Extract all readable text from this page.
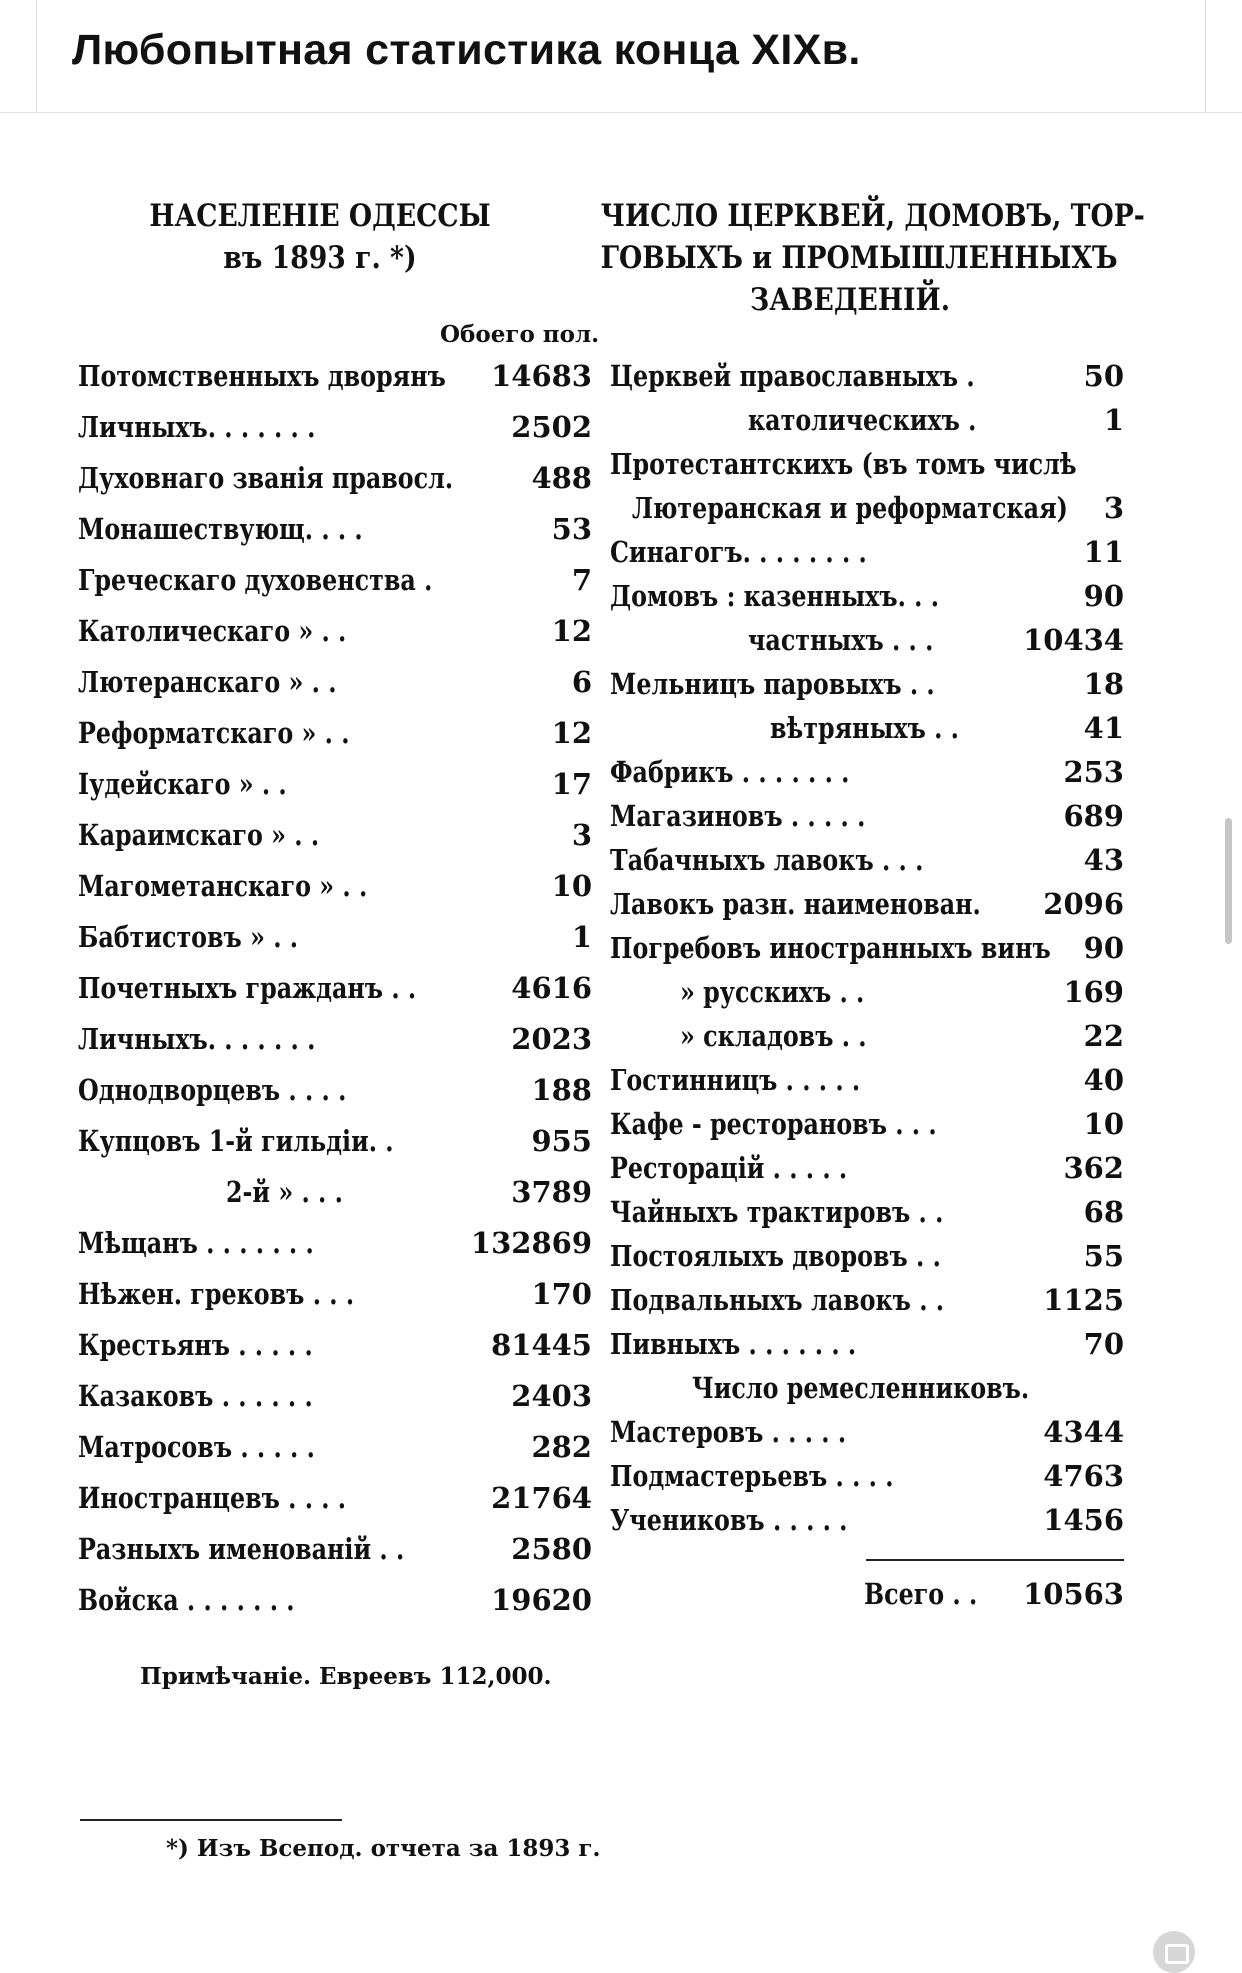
Любопытная статистика конца XIXв.
НАСЕЛЕНІЕ ОДЕССЫ
въ 1893 г. *)
Обоего пол.
ЧИСЛО ЦЕРКВЕЙ, ДОМОВЪ, ТОР-
ГОВЫХЪ и ПРОМЫШЛЕННЫХЪ
ЗАВЕДЕНІЙ.
Потомственныхъ дворянъ 14683
Личныхъ. . . . . . .	2502
Духовнаго званія правосл.	488
Монашествующ. . . .	53
Греческаго духовенства .	7
Католическаго » . .	12
Лютеранскаго » . .	6
Реформатскаго » . .	12
Іудейскаго » . .	17
Караимскаго » . .	3
Магометанскаго » . .	10
Бабтистовъ » . .	1
Почетныхъ гражданъ . .	4616
Личныхъ. . . . . . .	2023
Однодворцевъ . . . .	188
Купцовъ 1-й гильдіи. .	955
2-й » . . .	3789
Мѣщанъ . . . . . . .	132869
Нѣжен. грековъ . . .	170
Крестьянъ . . . . .	81445
Казаковъ . . . . . .	2403
Матросовъ . . . . .	282
Иностранцевъ . . . .	21764
Разныхъ именованій . .	2580
Войска . . . . . . .	19620
Церквей православныхъ .	50
католическихъ .	1
Протестантскихъ (въ томъ числѣ
Лютеранская и реформатская) 3
Синагогъ. . . . . . . .	11
Домовъ : казенныхъ. . .	90
частныхъ . . .	10434
Мельницъ паровыхъ . .	18
вѣтряныхъ . .	41
Фабрикъ . . . . . . .	253
Магазиновъ . . . . .	689
Табачныхъ лавокъ . . .	43
Лавокъ разн. наименован. 2096
Погребовъ иностранныхъ винъ 90
» русскихъ . .	169
» складовъ . .	22
Гостинницъ . . . . .	40
Кафе - ресторановъ . . .	10
Ресторацій . . . . .	362
Чайныхъ трактировъ . .	68
Постоялыхъ дворовъ . .	55
Подвальныхъ лавокъ . .	1125
Пивныхъ . . . . . . .	70
Число ремесленниковъ.
Мастеровъ . . . . .	4344
Подмастерьевъ . . . .	4763
Учениковъ . . . . .	1456
Всего . . 10563
Примѣчаніе. Евреевъ 112,000.
*) Изъ Всепод. отчета за 1893 г.
